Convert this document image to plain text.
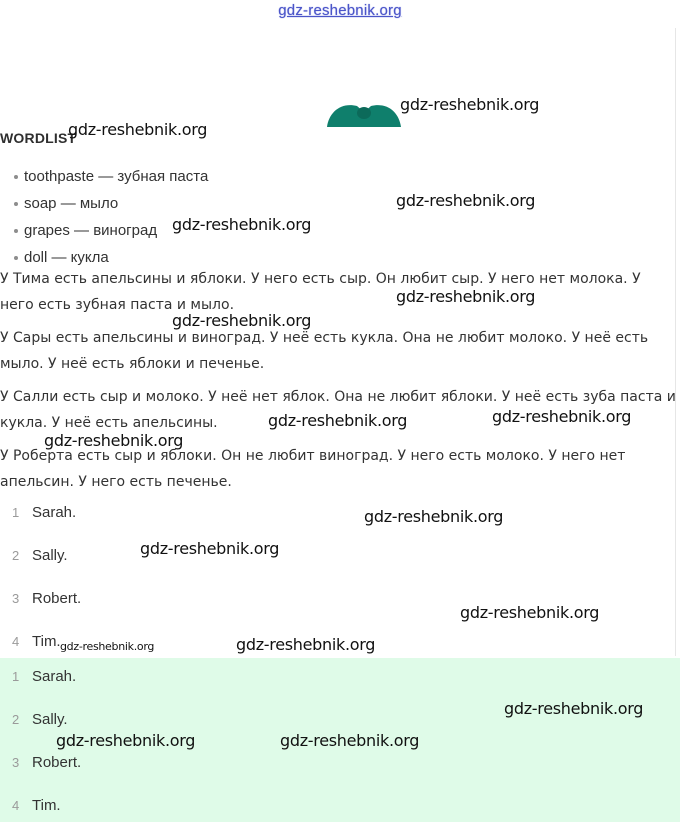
gdz-reshebnik.org
WORDLIST
toothpaste — зубная паста
soap — мыло
grapes — виноград
doll — кукла

У Тима есть апельсины и яблоки. У него есть сыр. Он любит сыр. У него нет молока. У него есть зубная паста и мыло.

У Сары есть апельсины и виноград. У неё есть кукла. Она не любит молоко. У неё есть мыло. У неё есть яблоки и печенье.

У Салли есть сыр и молоко. У неё нет яблок. Она не любит яблоки. У неё есть зуба паста и кукла. У неё есть апельсины.

У Роберта есть сыр и яблоки. Он не любит виноград. У него есть молоко. У него нет апельсин. У него есть печенье.

1 Sarah.
2 Sally.
3 Robert.
4 Tim.
1 Sarah.
2 Sally.
3 Robert.
4 Tim.
gdz-reshebnik.org
gdz-reshebnik.org
gdz-reshebnik.org
gdz-reshebnik.org
gdz-reshebnik.org
gdz-reshebnik.org
gdz-reshebnik.org	gdz-reshebnik.org
gdz-reshebnik.org
gdz-reshebnik.org
gdz-reshebnik.org
gdz-reshebnik.org
gdz-reshebnik.org	gdz-reshebnik.org
gdz-reshebnik.org
gdz-reshebnik.org	gdz-reshebnik.org
